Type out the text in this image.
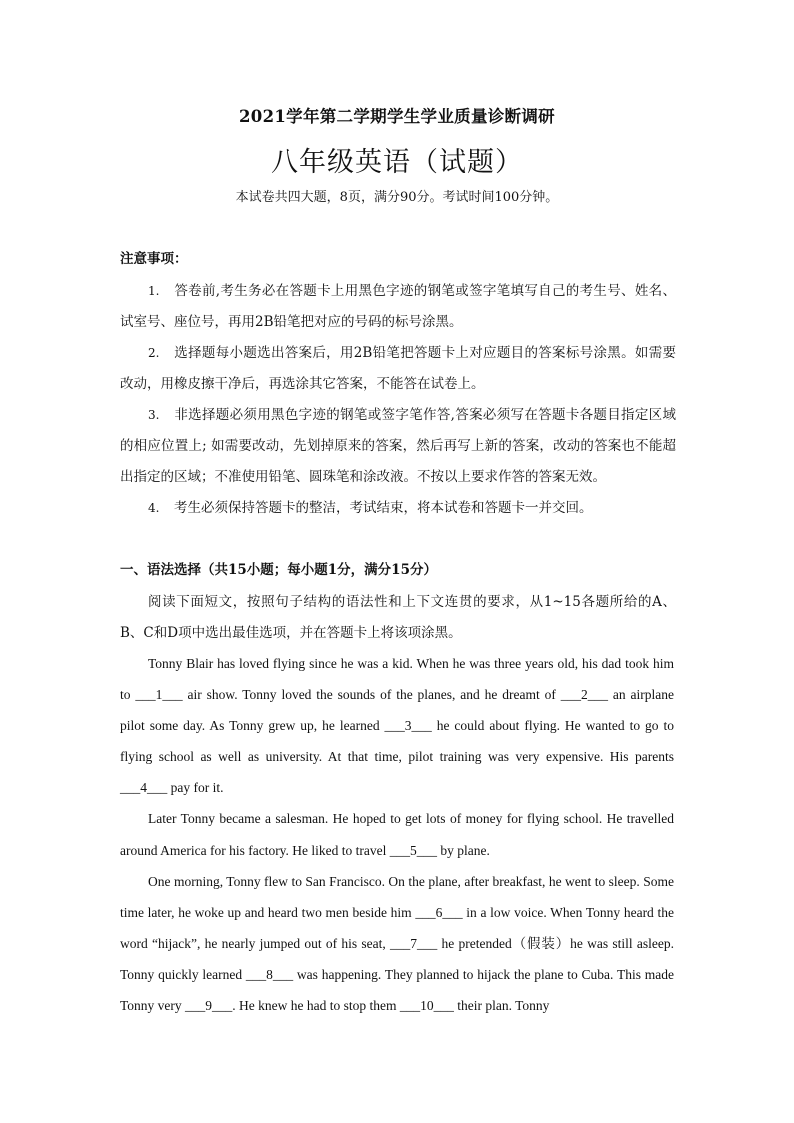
2021学年第二学期学生学业质量诊断调研
八年级英语（试题）
本试卷共四大题，8页，满分90分。考试时间100分钟。
注意事项：

1. 答卷前,考生务必在答题卡上用黑色字迹的钢笔或签字笔填写自己的考生号、姓名、试室号、座位号，再用2B铅笔把对应的号码的标号涂黑。

2. 选择题每小题选出答案后，用2B铅笔把答题卡上对应题目的答案标号涂黑。如需要改动，用橡皮擦干净后，再选涂其它答案，不能答在试卷上。

3. 非选择题必须用黑色字迹的钢笔或签字笔作答,答案必须写在答题卡各题目指定区域的相应位置上; 如需要改动，先划掉原来的答案，然后再写上新的答案，改动的答案也不能超出指定的区域；不准使用铅笔、圆珠笔和涂改液。不按以上要求作答的答案无效。

4. 考生必须保持答题卡的整洁，考试结束，将本试卷和答题卡一并交回。

一、语法选择（共15小题；每小题1分，满分15分）

阅读下面短文，按照句子结构的语法性和上下文连贯的要求，从1~15各题所给的A、B、C和D项中选出最佳选项，并在答题卡上将该项涂黑。

Tonny Blair has loved flying since he was a kid. When he was three years old, his dad took him to ___1___ air show. Tonny loved the sounds of the planes, and he dreamt of ___2___ an airplane pilot some day. As Tonny grew up, he learned ___3___ he could about flying. He wanted to go to flying school as well as university. At that time, pilot training was very expensive. His parents ___4___ pay for it.

Later Tonny became a salesman. He hoped to get lots of money for flying school. He travelled around America for his factory. He liked to travel ___5___ by plane.

One morning, Tonny flew to San Francisco. On the plane, after breakfast, he went to sleep. Some time later, he woke up and heard two men beside him ___6___ in a low voice. When Tonny heard the word “hijack”, he nearly jumped out of his seat, ___7___ he pretended（假装）he was still asleep. Tonny quickly learned ___8___ was happening. They planned to hijack the plane to Cuba. This made Tonny very ___9___. He knew he had to stop them ___10___ their plan. Tonny
